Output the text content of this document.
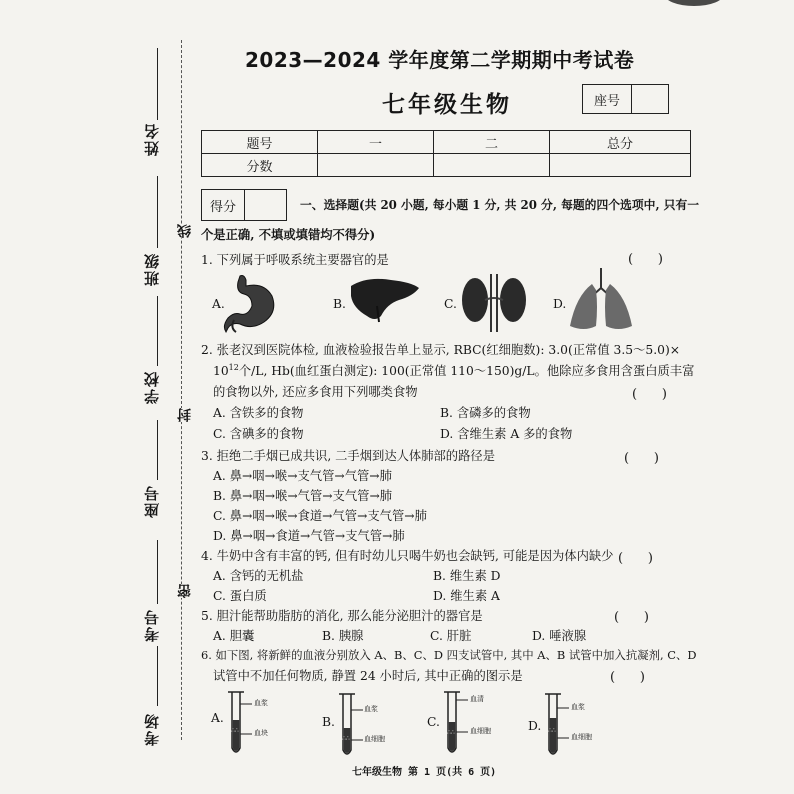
姓名
班级
学校
座号
考号
考场
线
封
密
2023—2024 学年度第二学期期中考试卷
七年级生物	座号
题号	一	二	总分
分数			
得分	一、选择题(共 20 小题, 每小题 1 分, 共 20 分, 每题的四个选项中, 只有一
个是正确, 不填或填错均不得分)
1. 下列属于呼吸系统主要器官的是	(      )
A.	B.	C.	D.
2. 张老汉到医院体检, 血液检验报告单上显示, RBC(红细胞数): 3.0(正常值 3.5～5.0)×
$10^{12}$个/L, Hb(血红蛋白测定): 100(正常值 110～150)g/L。他除应多食用含蛋白质丰富
的食物以外, 还应多食用下列哪类食物	(      )
A. 含铁多的食物	B. 含磷多的食物
C. 含碘多的食物	D. 含维生素 A 多的食物
3. 拒绝二手烟已成共识, 二手烟到达人体肺部的路径是	(      )
A. 鼻→咽→喉→支气管→气管→肺
B. 鼻→咽→喉→气管→支气管→肺
C. 鼻→咽→喉→食道→气管→支气管→肺
D. 鼻→咽→食道→气管→支气管→肺
4. 牛奶中含有丰富的钙, 但有时幼儿只喝牛奶也会缺钙, 可能是因为体内缺少 (      )
A. 含钙的无机盐	B. 维生素 D
C. 蛋白质	D. 维生素 A
5. 胆汁能帮助脂肪的消化, 那么能分泌胆汁的器官是	(      )
A. 胆囊	B. 胰腺	C. 肝脏	D. 唾液腺
6. 如下图, 将新鲜的血液分别放入 A、B、C、D 四支试管中, 其中 A、B 试管中加入抗凝剂, C、D
试管中不加任何物质, 静置 24 小时后, 其中正确的图示是	(      )
A.
∴∴
血浆
血块
B.
∴∴
血浆
血细胞
C.
∴∴
血清
血细胞	D. ∴∴
血浆
血细胞
七年级生物 第 1 页(共 6 页)
